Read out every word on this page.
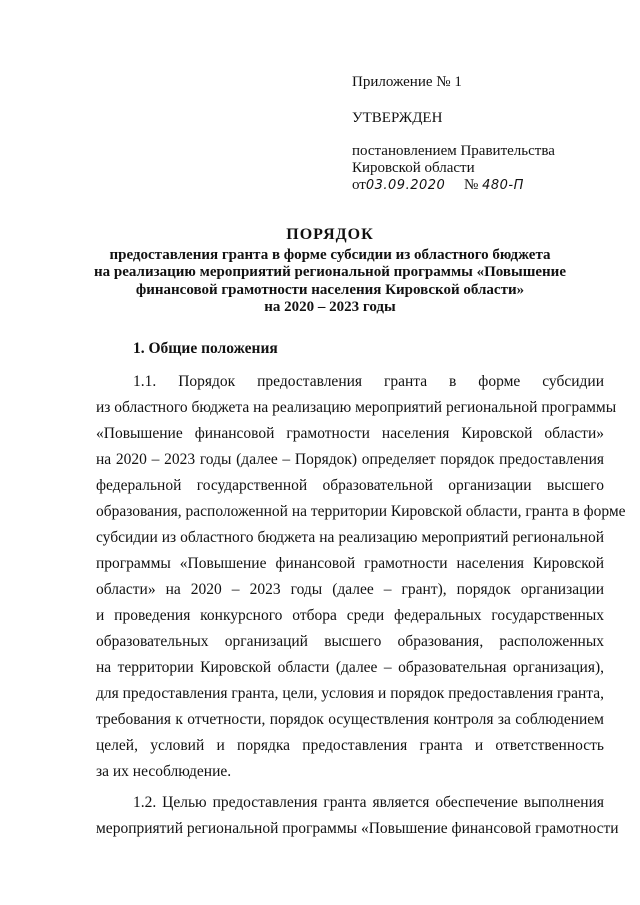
Приложение № 1
УТВЕРЖДЕН
постановлением Правительства
Кировской области
от03.09.2020 № 480-П
ПОРЯДОК
предоставления гранта в форме субсидии из областного бюджета
на реализацию мероприятий региональной программы «Повышение
финансовой грамотности населения Кировской области»
на 2020 – 2023 годы
1. Общие положения
1.1. Порядок предоставления гранта в форме субсидии
из областного бюджета на реализацию мероприятий региональной программы
«Повышение финансовой грамотности населения Кировской области»
на 2020 – 2023 годы (далее – Порядок) определяет порядок предоставления
федеральной государственной образовательной организации высшего
образования, расположенной на территории Кировской области, гранта в форме
субсидии из областного бюджета на реализацию мероприятий региональной
программы «Повышение финансовой грамотности населения Кировской
области» на 2020 – 2023 годы (далее – грант), порядок организации
и проведения конкурсного отбора среди федеральных государственных
образовательных организаций высшего образования, расположенных
на территории Кировской области (далее – образовательная организация),
для предоставления гранта, цели, условия и порядок предоставления гранта,
требования к отчетности, порядок осуществления контроля за соблюдением
целей, условий и порядка предоставления гранта и ответственность
за их несоблюдение.
1.2. Целью предоставления гранта является обеспечение выполнения
мероприятий региональной программы «Повышение финансовой грамотности
